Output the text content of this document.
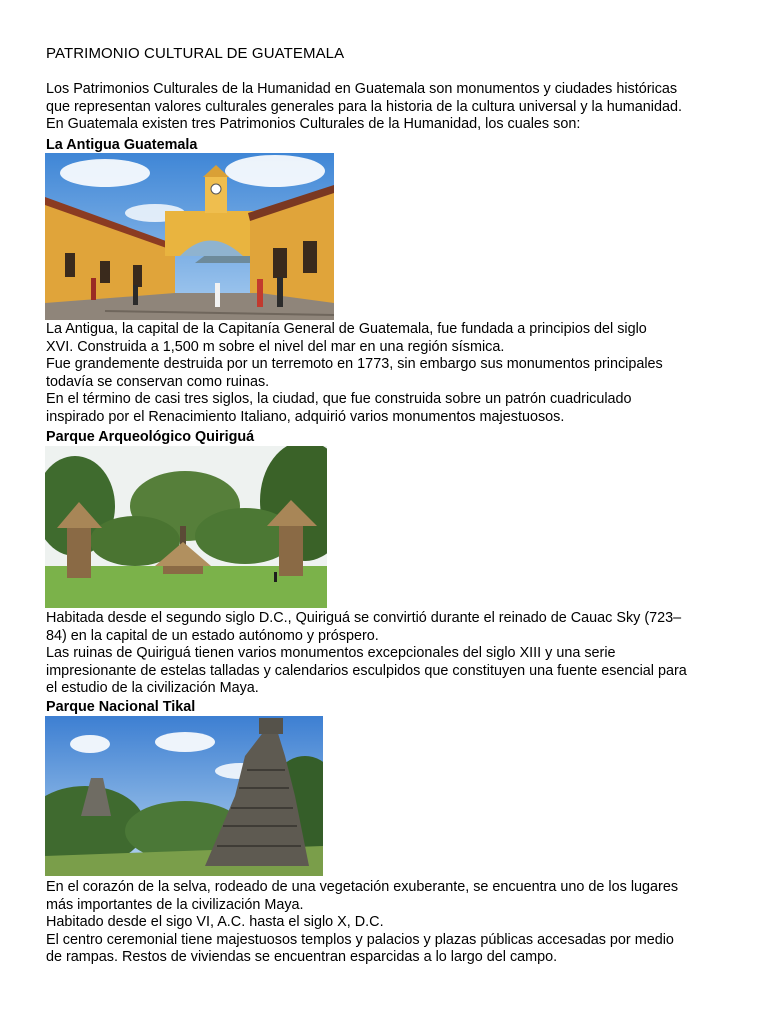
PATRIMONIO CULTURAL DE GUATEMALA

Los Patrimonios Culturales de la Humanidad en Guatemala son monumentos y ciudades históricas

que representan valores culturales generales para la historia de la cultura universal y la humanidad.

En Guatemala existen tres Patrimonios Culturales de la Humanidad, los cuales son:

La Antigua Guatemala

La Antigua, la capital de la Capitanía General de Guatemala, fue fundada a principios del siglo

XVI. Construida a 1,500 m sobre el nivel del mar en una región sísmica.

Fue grandemente destruida por un terremoto en 1773, sin embargo sus monumentos principales

todavía se conservan como ruinas.

En el término de casi tres siglos, la ciudad, que fue construida sobre un patrón cuadriculado

inspirado por el Renacimiento Italiano, adquirió varios monumentos majestuosos.

Parque Arqueológico Quiriguá

Habitada desde el segundo siglo D.C., Quiriguá se convirtió durante el reinado de Cauac Sky (723–

84) en la capital de un estado autónomo y próspero.

Las ruinas de Quiriguá tienen varios monumentos excepcionales del siglo XIII y una serie

impresionante de estelas talladas y calendarios esculpidos que constituyen una fuente esencial para

el estudio de la civilización Maya.

Parque Nacional Tikal

En el corazón de la selva, rodeado de una vegetación exuberante, se encuentra uno de los lugares

más importantes de la civilización Maya.

Habitado desde el sigo VI, A.C. hasta el siglo X, D.C.

El centro ceremonial tiene majestuosos templos y palacios y plazas públicas accesadas por medio

de rampas. Restos de viviendas se encuentran esparcidas a lo largo del campo.
